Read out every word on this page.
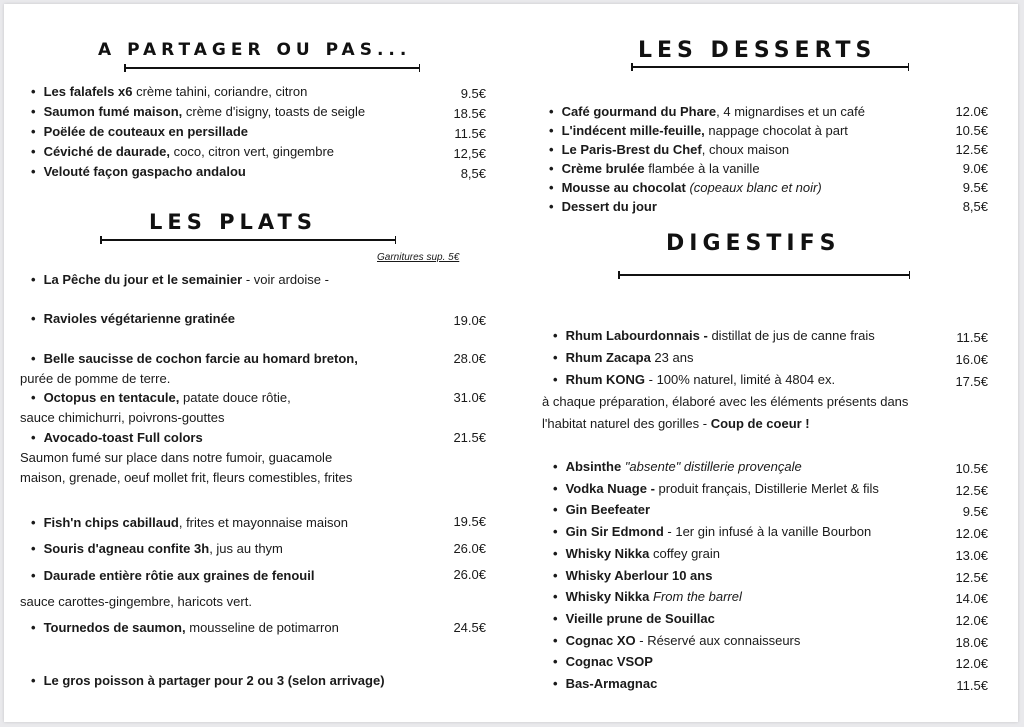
A PARTAGER OU PAS...
• Les falafels x6 crème tahini, coriandre, citron	9.5€
• Saumon fumé maison, crème d'isigny, toasts de seigle	18.5€
• Poëlée de couteaux en persillade	11.5€
• Céviché de daurade, coco, citron vert, gingembre	12,5€
• Velouté façon gaspacho andalou	8,5€
LES PLATS
Garnitures sup. 5€
• La Pêche du jour et le semainier - voir ardoise -
• Ravioles végétarienne gratinée	19.0€
• Belle saucisse de cochon farcie au homard breton,	28.0€
purée de pomme de terre.
• Octopus en tentacule, patate douce rôtie,	31.0€
sauce chimichurri, poivrons-gouttes
• Avocado-toast Full colors	21.5€
Saumon fumé sur place dans notre fumoir, guacamole
maison, grenade, oeuf mollet frit, fleurs comestibles, frites
• Fish'n chips cabillaud, frites et mayonnaise maison	19.5€
• Souris d'agneau confite 3h, jus au thym	26.0€
• Daurade entière rôtie aux graines de fenouil	26.0€
sauce carottes-gingembre, haricots vert.
• Tournedos de saumon, mousseline de potimarron	24.5€
• Le gros poisson à partager pour 2 ou 3 (selon arrivage)
LES DESSERTS
• Café gourmand du Phare, 4 mignardises et un café	12.0€
• L'indécent mille-feuille, nappage chocolat à part	10.5€
• Le Paris-Brest du Chef, choux maison	12.5€
• Crème brulée flambée à la vanille	9.0€
• Mousse au chocolat (copeaux blanc et noir)	9.5€
• Dessert du jour	8,5€
DIGESTIFS
• Rhum Labourdonnais - distillat de jus de canne frais	11.5€
• Rhum Zacapa 23 ans	16.0€
• Rhum KONG - 100% naturel, limité à 4804 ex.	17.5€
à chaque préparation, élaboré avec les éléments présents dans
l'habitat naturel des gorilles - Coup de coeur !
• Absinthe "absente" distillerie provençale	10.5€
• Vodka Nuage - produit français, Distillerie Merlet & fils	12.5€
• Gin Beefeater	9.5€
• Gin Sir Edmond - 1er gin infusé à la vanille Bourbon	12.0€
• Whisky Nikka coffey grain	13.0€
• Whisky Aberlour 10 ans	12.5€
• Whisky Nikka From the barrel	14.0€
• Vieille prune de Souillac	12.0€
• Cognac XO - Réservé aux connaisseurs	18.0€
• Cognac VSOP	12.0€
• Bas-Armagnac	11.5€
